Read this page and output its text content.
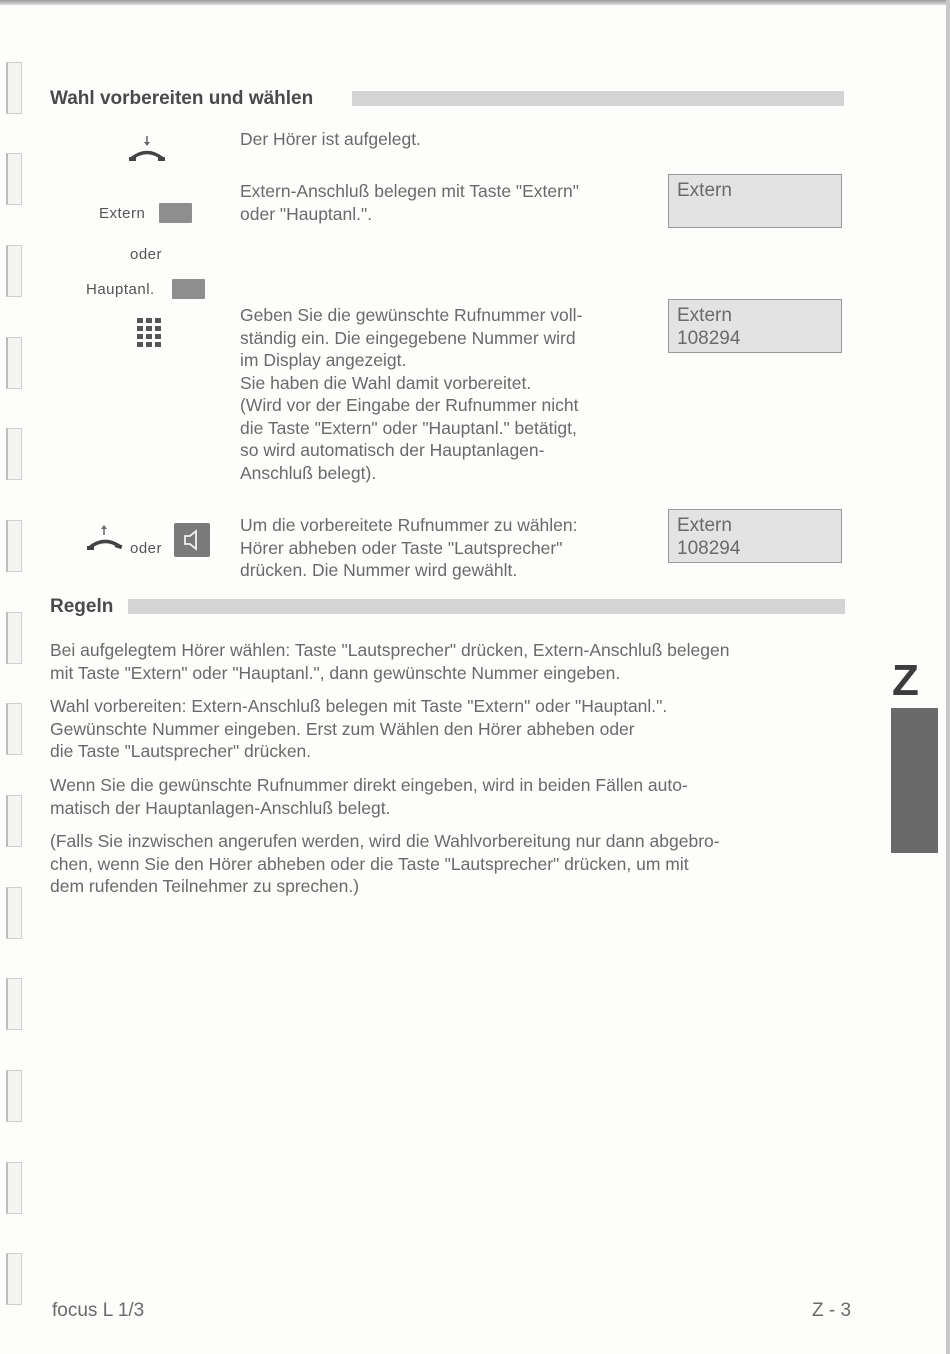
Wahl vorbereiten und wählen
Der Hörer ist aufgelegt.
Extern
oder
Hauptanl.
Extern-Anschluß belegen mit Taste "Extern"
oder "Hauptanl.".
Extern
Geben Sie die gewünschte Rufnummer voll-
ständig ein. Die eingegebene Nummer wird
im Display angezeigt.
Sie haben die Wahl damit vorbereitet.
(Wird vor der Eingabe der Rufnummer nicht
die Taste "Extern" oder "Hauptanl." betätigt,
so wird automatisch der Hauptanlagen-
Anschluß belegt).
Extern
108294
oder
Um die vorbereitete Rufnummer zu wählen:
Hörer abheben oder Taste "Lautsprecher"
drücken. Die Nummer wird gewählt.
Extern
108294
Regeln
Bei aufgelegtem Hörer wählen: Taste "Lautsprecher" drücken, Extern-Anschluß belegen
mit Taste "Extern" oder "Hauptanl.", dann gewünschte Nummer eingeben.
Wahl vorbereiten: Extern-Anschluß belegen mit Taste "Extern" oder "Hauptanl.".
Gewünschte Nummer eingeben. Erst zum Wählen den Hörer abheben oder
die Taste "Lautsprecher" drücken.
Wenn Sie die gewünschte Rufnummer direkt eingeben, wird in beiden Fällen auto-
matisch der Hauptanlagen-Anschluß belegt.
(Falls Sie inzwischen angerufen werden, wird die Wahlvorbereitung nur dann abgebro-
chen, wenn Sie den Hörer abheben oder die Taste "Lautsprecher" drücken, um mit
dem rufenden Teilnehmer zu sprechen.)
Z
focus L 1/3	Z - 3
